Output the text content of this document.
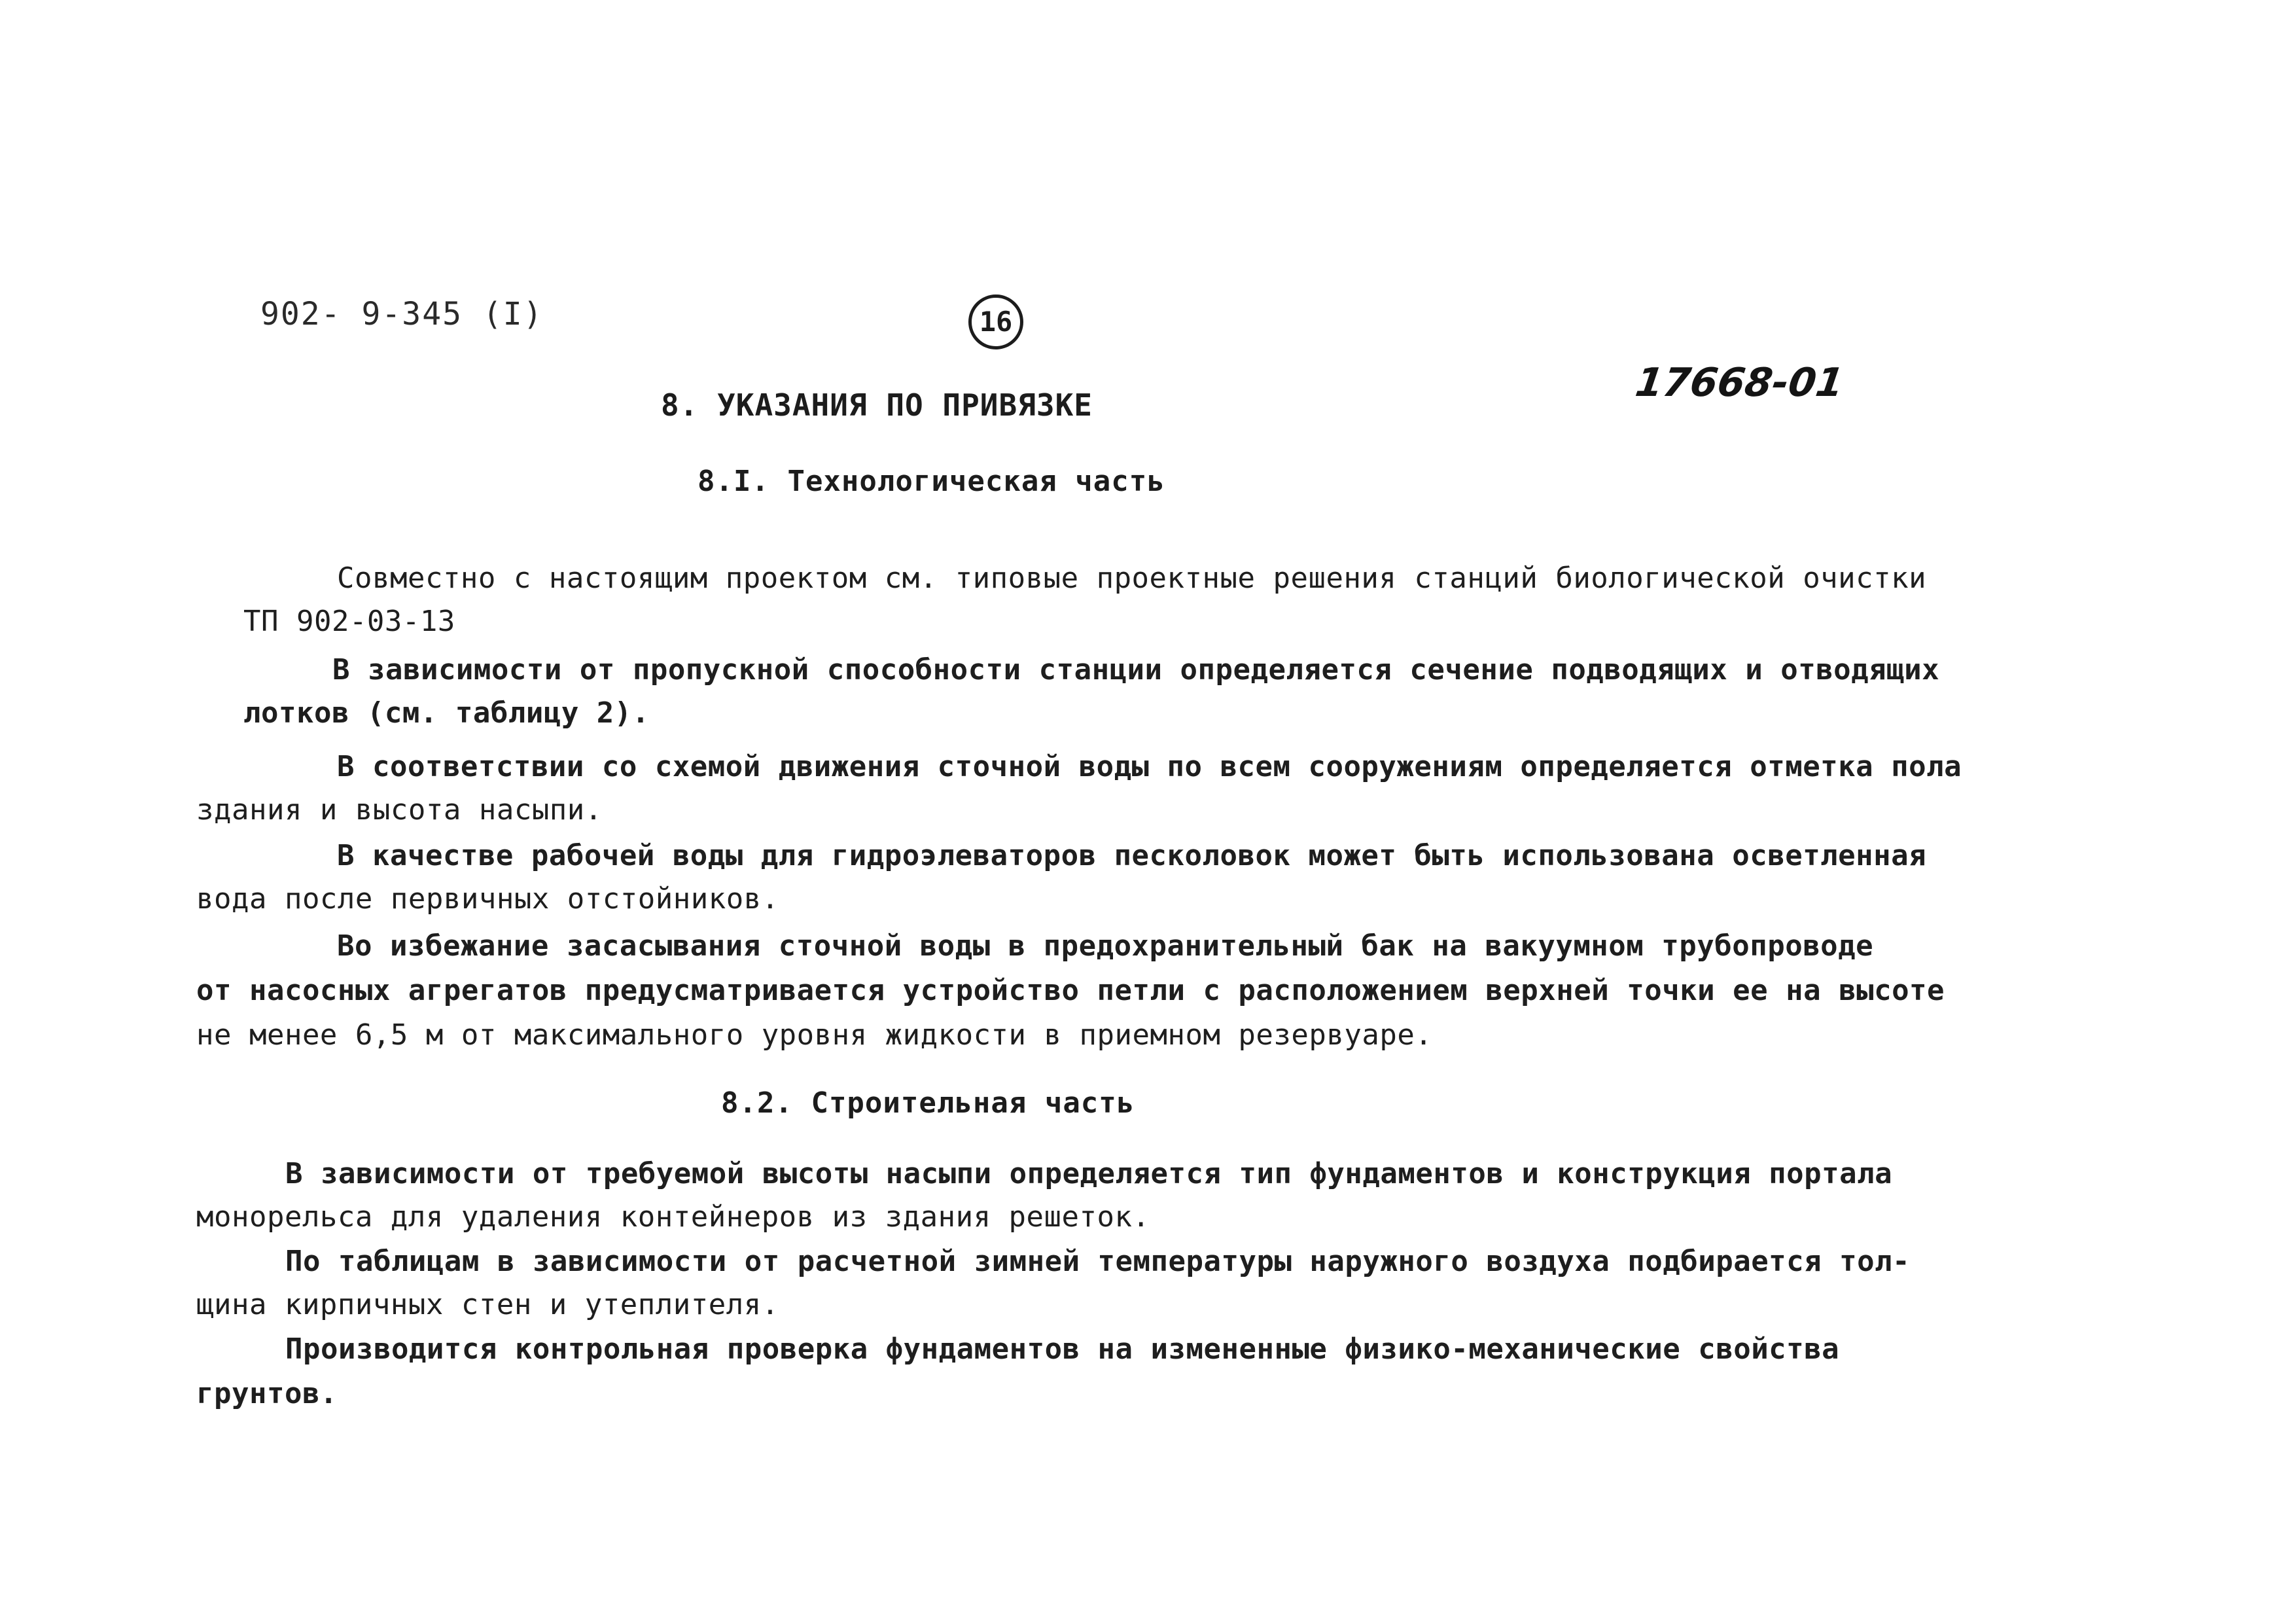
902- 9-345 (I)	16
17668-01
8. УКАЗАНИЯ ПО ПРИВЯЗКЕ
8.I. Технологическая часть
Совместно с настоящим проектом см. типовые проектные решения станций биологической очистки
ТП 902-03-13
В зависимости от пропускной способности станции определяется сечение подводящих и отводящих
лотков (см. таблицу 2).
В соответствии со схемой движения сточной воды по всем сооружениям определяется отметка пола
здания и высота насыпи.
В качестве рабочей воды для гидроэлеваторов песколовок может быть использована осветленная
вода после первичных отстойников.
Во избежание засасывания сточной воды в предохранительный бак на вакуумном трубопроводе
от насосных агрегатов предусматривается устройство петли с расположением верхней точки ее на высоте
не менее 6,5 м от максимального уровня жидкости в приемном резервуаре.
8.2. Строительная часть
В зависимости от требуемой высоты насыпи определяется тип фундаментов и конструкция портала
монорельса для удаления контейнеров из здания решеток.
По таблицам в зависимости от расчетной зимней температуры наружного воздуха подбирается тол-
щина кирпичных стен и утеплителя.
Производится контрольная проверка фундаментов на измененные физико-механические свойства
грунтов.
